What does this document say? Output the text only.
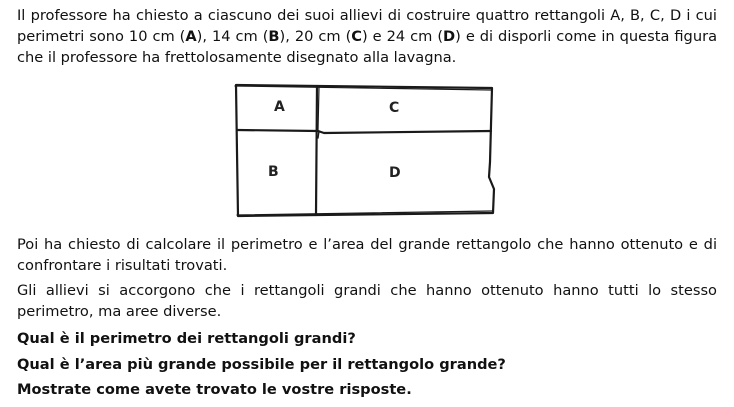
Il professore ha chiesto a ciascuno dei suoi allievi di costruire quattro rettangoli A, B, C, D i cui perimetri sono 10 cm (A), 14 cm (B), 20 cm (C) e 24 cm (D) e di disporli come in questa figura che il professore ha frettolosamente disegnato alla lavagna.

A	C
B	D

Poi ha chiesto di calcolare il perimetro e l’area del grande rettangolo che hanno ottenuto e di confrontare i risultati trovati.

Gli allievi si accorgono che i rettangoli grandi che hanno ottenuto hanno tutti lo stesso perimetro, ma aree diverse.

Qual è il perimetro dei rettangoli grandi?

Qual è l’area più grande possibile per il rettangolo grande?

Mostrate come avete trovato le vostre risposte.
